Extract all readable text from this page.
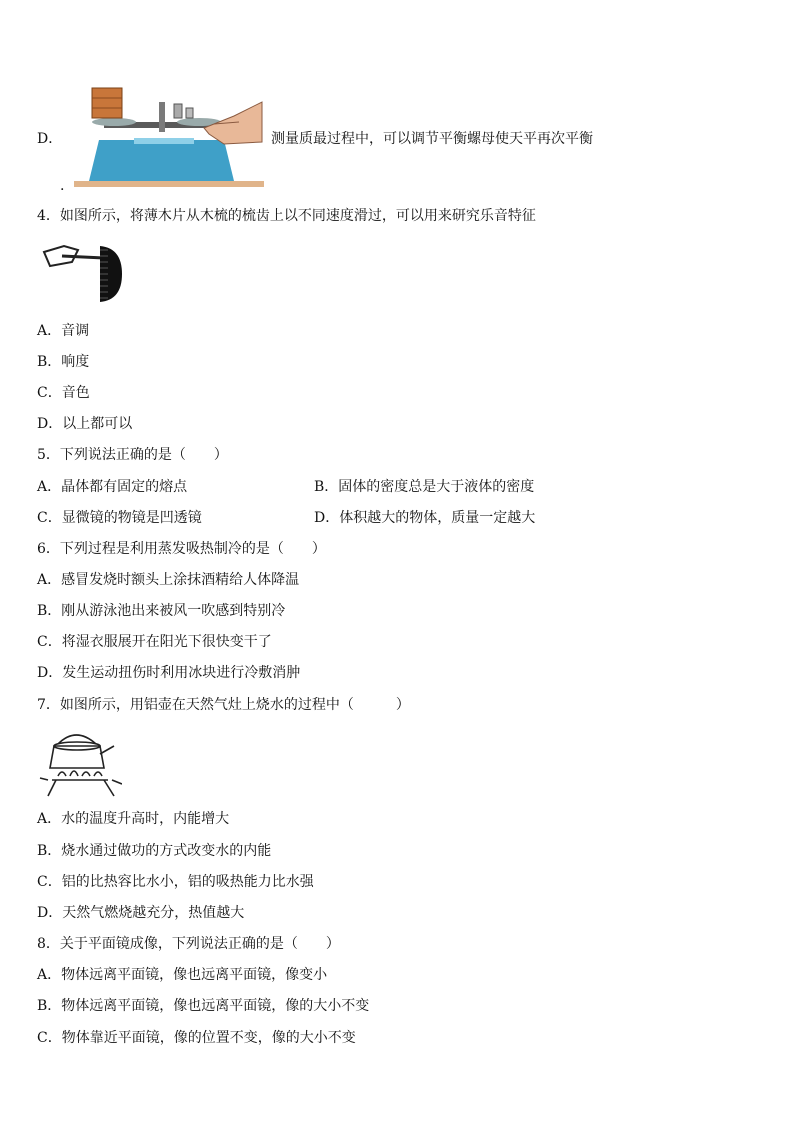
D．	测量质最过程中，可以调节平衡螺母使天平再次平衡
.
4．如图所示，将薄木片从木梳的梳齿上以不同速度滑过，可以用来研究乐音特征
A．音调
B．响度
C．音色
D．以上都可以
5．下列说法正确的是（　　）
A．晶体都有固定的熔点	B．固体的密度总是大于液体的密度
C．显微镜的物镜是凹透镜	D．体积越大的物体，质量一定越大
6．下列过程是利用蒸发吸热制冷的是（　　）
A．感冒发烧时额头上涂抹酒精给人体降温
B．刚从游泳池出来被风一吹感到特别冷
C．将湿衣服展开在阳光下很快变干了
D．发生运动扭伤时利用冰块进行冷敷消肿
7．如图所示，用铝壶在天然气灶上烧水的过程中（　　　）
A．水的温度升高时，内能增大
B．烧水通过做功的方式改变水的内能
C．铝的比热容比水小，铝的吸热能力比水强
D．天然气燃烧越充分，热值越大
8．关于平面镜成像，下列说法正确的是（　　）
A．物体远离平面镜，像也远离平面镜，像变小
B．物体远离平面镜，像也远离平面镜，像的大小不变
C．物体靠近平面镜，像的位置不变，像的大小不变
